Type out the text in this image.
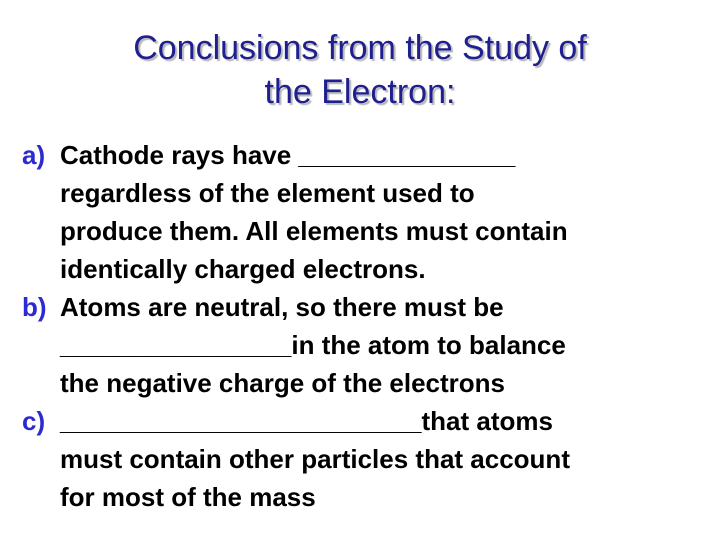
Conclusions from the Study of
the Electron:
a) Cathode rays have _______________
regardless of the element used to
produce them. All elements must contain
identically charged electrons.
b) Atoms are neutral, so there must be
________________in the atom to balance
the negative charge of the electrons
c) _________________________that atoms
must contain other particles that account
for most of the mass
